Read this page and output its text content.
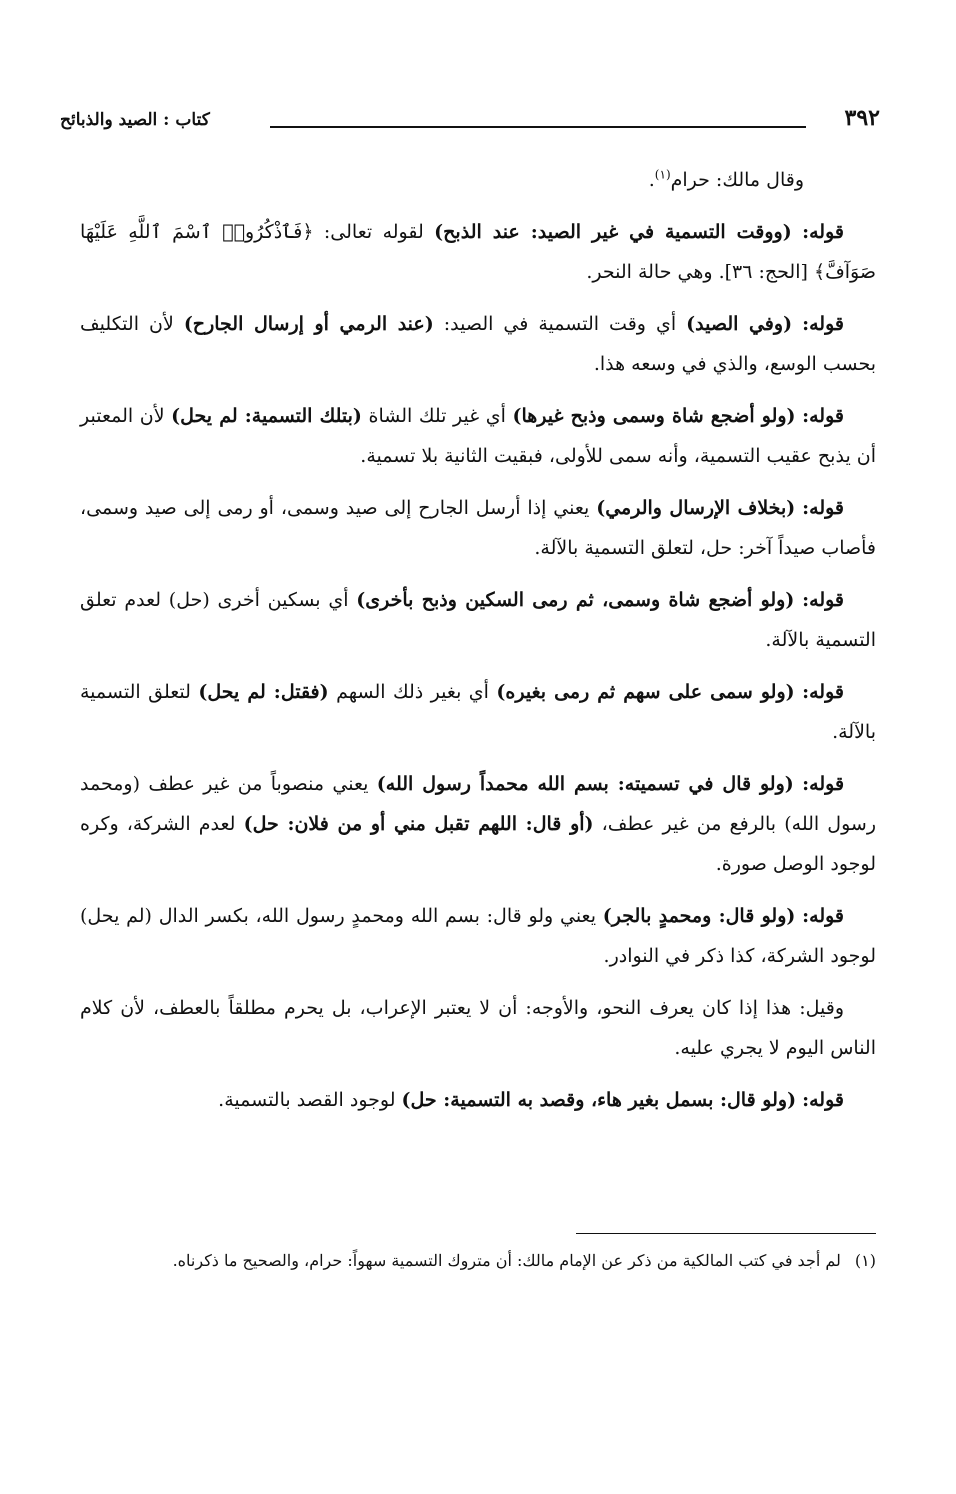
٣٩٢
كتاب : الصيد والذبائح

وقال مالك: حرام$^{(١)}$.

قوله: (ووقت التسمية في غير الصيد: عند الذبح) لقوله تعالى: ﴿فَٱذْكُرُوا۟ ٱسْمَ ٱللَّهِ عَلَيْهَا صَوَآفَّ﴾ [الحج: ٣٦]. وهي حالة النحر.

قوله: (وفي الصيد) أي وقت التسمية في الصيد: (عند الرمي أو إرسال الجارح) لأن التكليف بحسب الوسع، والذي في وسعه هذا.

قوله: (ولو أضجع شاة وسمى وذبح غيرها) أي غير تلك الشاة (بتلك التسمية: لم يحل) لأن المعتبر أن يذبح عقيب التسمية، وأنه سمى للأولى، فبقيت الثانية بلا تسمية.

قوله: (بخلاف الإرسال والرمي) يعني إذا أرسل الجارح إلى صيد وسمى، أو رمى إلى صيد وسمى، فأصاب صيداً آخر: حل، لتعلق التسمية بالآلة.

قوله: (ولو أضجع شاة وسمى، ثم رمى السكين وذبح بأخرى) أي بسكين أخرى (حل) لعدم تعلق التسمية بالآلة.

قوله: (ولو سمى على سهم ثم رمى بغيره) أي بغير ذلك السهم (فقتل: لم يحل) لتعلق التسمية بالآلة.

قوله: (ولو قال في تسميته: بسم الله محمداً رسول الله) يعني منصوباً من غير عطف (ومحمد رسول الله) بالرفع من غير عطف، (أو قال: اللهم تقبل مني أو من فلان: حل) لعدم الشركة، وكره لوجود الوصل صورة.

قوله: (ولو قال: ومحمدٍ بالجر) يعني ولو قال: بسم الله ومحمدٍ رسول الله، بكسر الدال (لم يحل) لوجود الشركة، كذا ذكر في النوادر.

وقيل: هذا إذا كان يعرف النحو، والأوجه: أن لا يعتبر الإعراب، بل يحرم مطلقاً بالعطف، لأن كلام الناس اليوم لا يجري عليه.

قوله: (ولو قال: بسمل بغير هاء، وقصد به التسمية: حل) لوجود القصد بالتسمية.

(١)لم أجد في كتب المالكية من ذكر عن الإمام مالك: أن متروك التسمية سهواً: حرام، والصحيح ما ذكرناه.
